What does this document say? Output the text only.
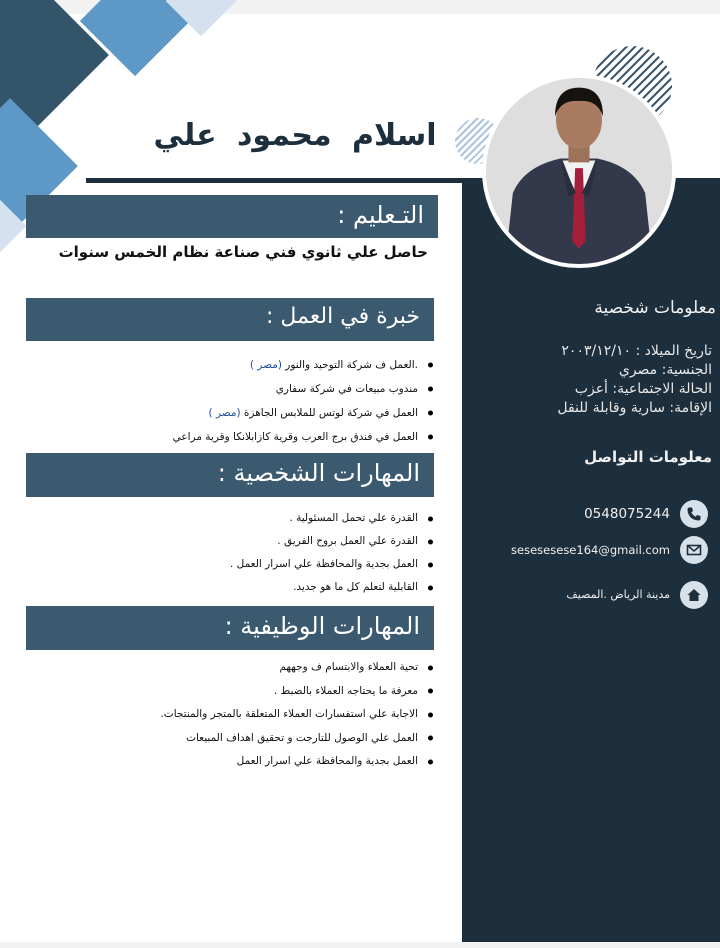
اسلام محمود علي
التـعليم :
حاصل علي ثانوي فني صناعة نظام الخمس سنوات
خبرة في العمل :
.العمل ف شركة التوحيد والنور (مصر )
مندوب مبيعات في شركة سفاري
العمل في شركة لوتس للملابس الجاهزة (مصر )
العمل في فندق برج العرب وقرية كازابلانكا وقرية مراعي
المهارات الشخصية :
القدرة علي تحمل المسئولية .
القدرة علي العمل بروح الفريق .
العمل بجدية والمحافظة علي اسرار العمل .
القابلية لتعلم كل ما هو جديد.
المهارات الوظيفية :
تحية العملاء والابتسام ف وجههم
معرفة ما يحتاجه العملاء بالضبط .
الاجابة علي استفسارات العملاء المتعلقة بالمتجر والمنتجات.
العمل علي الوصول للتارجت و تحقيق اهداف المبيعات
العمل بجدية والمحافظة علي اسرار العمل
معلومات شخصية
تاريخ الميلاد : ٢٠٠٣/١٢/١٠
الجنسية: مصري
الحالة الاجتماعية: أعزب
الإقامة: سارية وقابلة للنقل
معلومات التواصل
0548075244
sesesesese164@gmail.com
مدينة الرياض .المصيف
